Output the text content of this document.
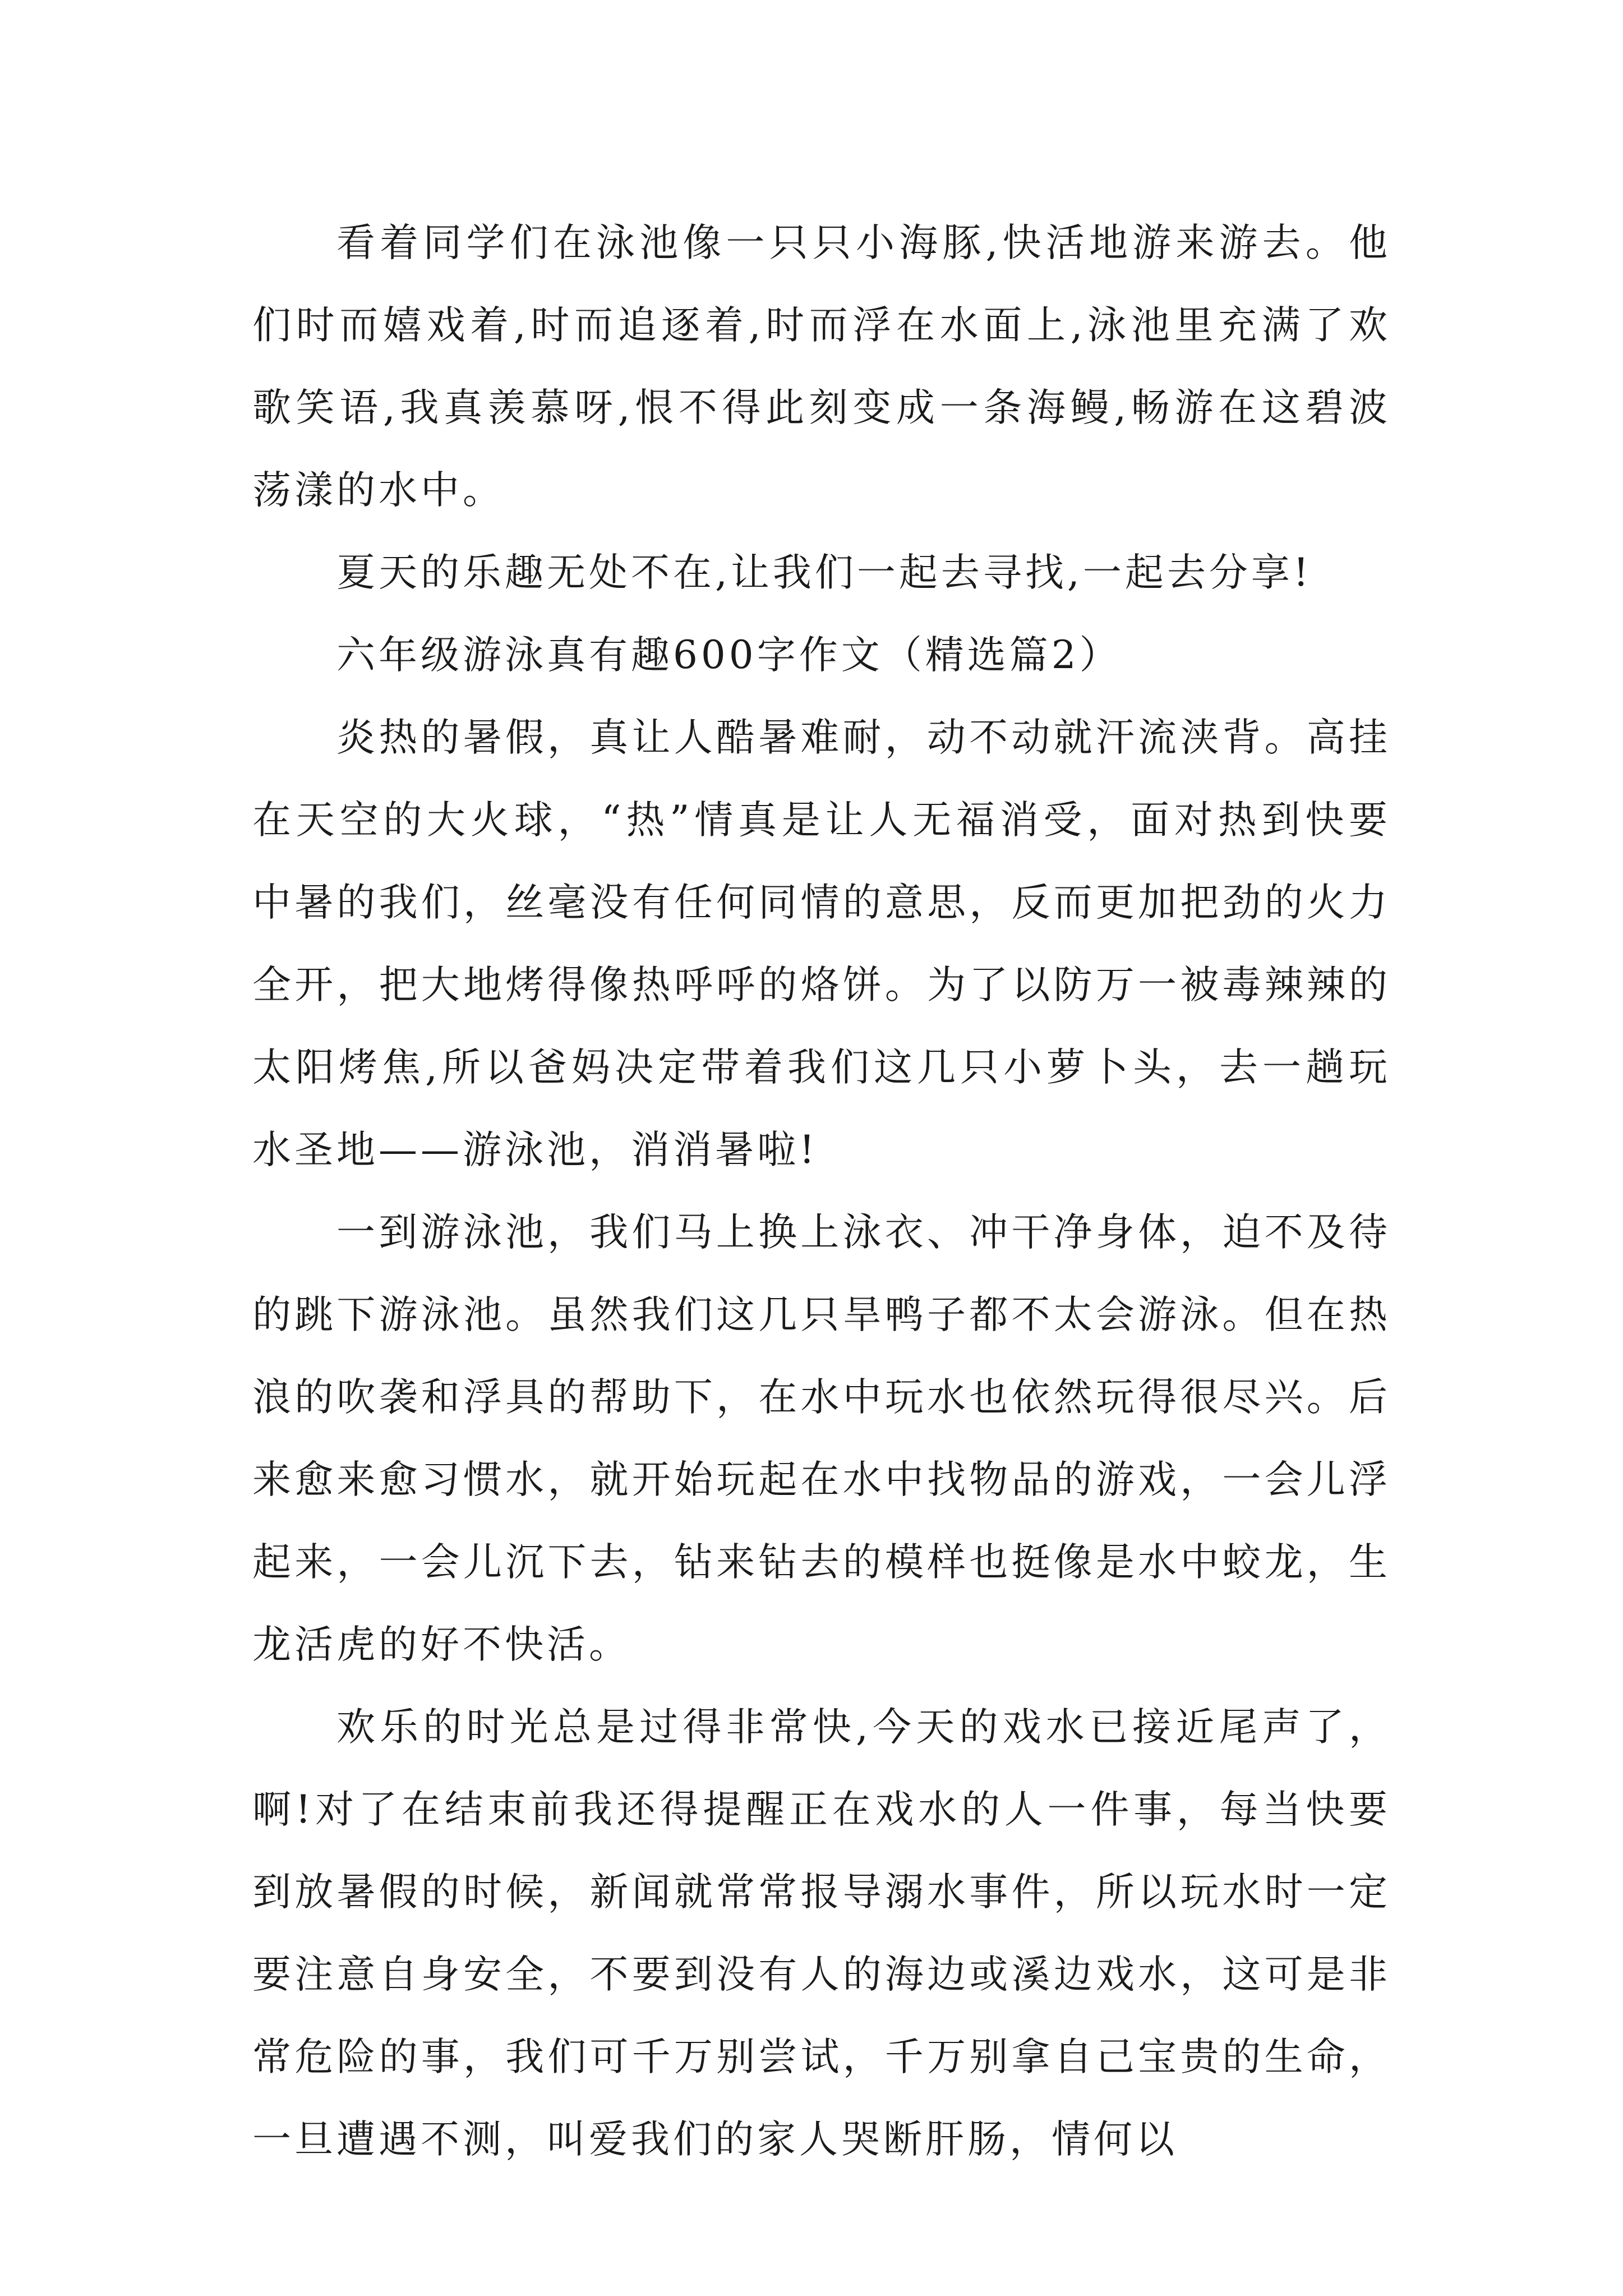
看着同学们在泳池像一只只小海豚,快活地游来游去。他们时而嬉戏着,时而追逐着,时而浮在水面上,泳池里充满了欢歌笑语,我真羡慕呀,恨不得此刻变成一条海鳗,畅游在这碧波荡漾的水中。

夏天的乐趣无处不在,让我们一起去寻找,一起去分享!

六年级游泳真有趣600字作文（精选篇2）

炎热的暑假，真让人酷暑难耐，动不动就汗流浃背。高挂在天空的大火球，“热”情真是让人无福消受，面对热到快要中暑的我们，丝毫没有任何同情的意思，反而更加把劲的火力全开，把大地烤得像热呼呼的烙饼。为了以防万一被毒辣辣的太阳烤焦,所以爸妈决定带着我们这几只小萝卜头，去一趟玩水圣地——游泳池，消消暑啦!

一到游泳池，我们马上换上泳衣、冲干净身体，迫不及待的跳下游泳池。虽然我们这几只旱鸭子都不太会游泳。但在热浪的吹袭和浮具的帮助下，在水中玩水也依然玩得很尽兴。后来愈来愈习惯水，就开始玩起在水中找物品的游戏，一会儿浮起来，一会儿沉下去，钻来钻去的模样也挺像是水中蛟龙，生龙活虎的好不快活。

欢乐的时光总是过得非常快,今天的戏水已接近尾声了，啊!对了在结束前我还得提醒正在戏水的人一件事，每当快要到放暑假的时候，新闻就常常报导溺水事件，所以玩水时一定要注意自身安全，不要到没有人的海边或溪边戏水，这可是非常危险的事，我们可千万别尝试，千万别拿自己宝贵的生命，一旦遭遇不测，叫爱我们的家人哭断肝肠，情何以
